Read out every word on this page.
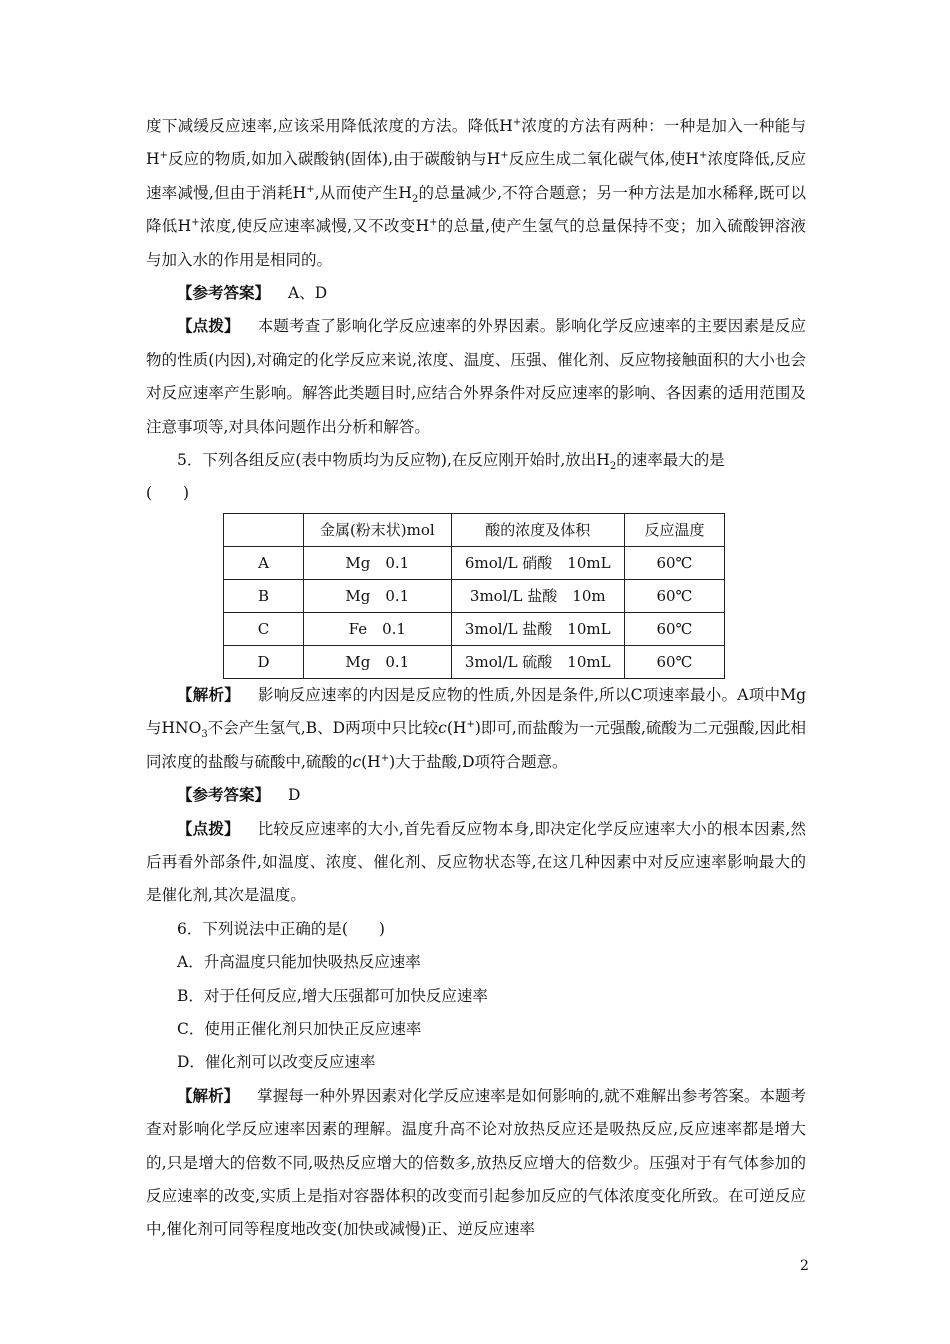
度下减缓反应速率,应该采用降低浓度的方法。降低H+浓度的方法有两种：一种是加入一种能与H+反应的物质,如加入碳酸钠(固体),由于碳酸钠与H+反应生成二氧化碳气体,使H+浓度降低,反应速率减慢,但由于消耗H+,从而使产生$H_2$的总量减少,不符合题意；另一种方法是加水稀释,既可以降低H+浓度,使反应速率减慢,又不改变H+的总量,使产生氢气的总量保持不变；加入硫酸钾溶液与加入水的作用是相同的。

【参考答案】 A、D

【点拨】 本题考查了影响化学反应速率的外界因素。影响化学反应速率的主要因素是反应物的性质(内因),对确定的化学反应来说,浓度、温度、压强、催化剂、反应物接触面积的大小也会对反应速率产生影响。解答此类题目时,应结合外界条件对反应速率的影响、各因素的适用范围及注意事项等,对具体问题作出分析和解答。

5．下列各组反应(表中物质均为反应物),在反应刚开始时,放出$H_2$的速率最大的是

(　　)

	金属(粉末状)mol	酸的浓度及体积	反应温度
A	Mg　0.1	6mol/L 硝酸　10mL	60℃
B	Mg　0.1	3mol/L 盐酸　10m	60℃
C	Fe　0.1	3mol/L 盐酸　10mL	60℃
D	Mg　0.1	3mol/L 硫酸　10mL	60℃

【解析】 影响反应速率的内因是反应物的性质,外因是条件,所以C项速率最小。A项中Mg与$HNO_3$不会产生氢气,B、D两项中只比较c(H+)即可,而盐酸为一元强酸,硫酸为二元强酸,因此相同浓度的盐酸与硫酸中,硫酸的c(H+)大于盐酸,D项符合题意。

【参考答案】 D

【点拨】 比较反应速率的大小,首先看反应物本身,即决定化学反应速率大小的根本因素,然后再看外部条件,如温度、浓度、催化剂、反应物状态等,在这几种因素中对反应速率影响最大的是催化剂,其次是温度。

6．下列说法中正确的是(　　)

A．升高温度只能加快吸热反应速率

B．对于任何反应,增大压强都可加快反应速率

C．使用正催化剂只加快正反应速率

D．催化剂可以改变反应速率

【解析】 掌握每一种外界因素对化学反应速率是如何影响的,就不难解出参考答案。本题考查对影响化学反应速率因素的理解。温度升高不论对放热反应还是吸热反应,反应速率都是增大的,只是增大的倍数不同,吸热反应增大的倍数多,放热反应增大的倍数少。压强对于有气体参加的反应速率的改变,实质上是指对容器体积的改变而引起参加反应的气体浓度变化所致。在可逆反应中,催化剂可同等程度地改变(加快或减慢)正、逆反应速率

2
